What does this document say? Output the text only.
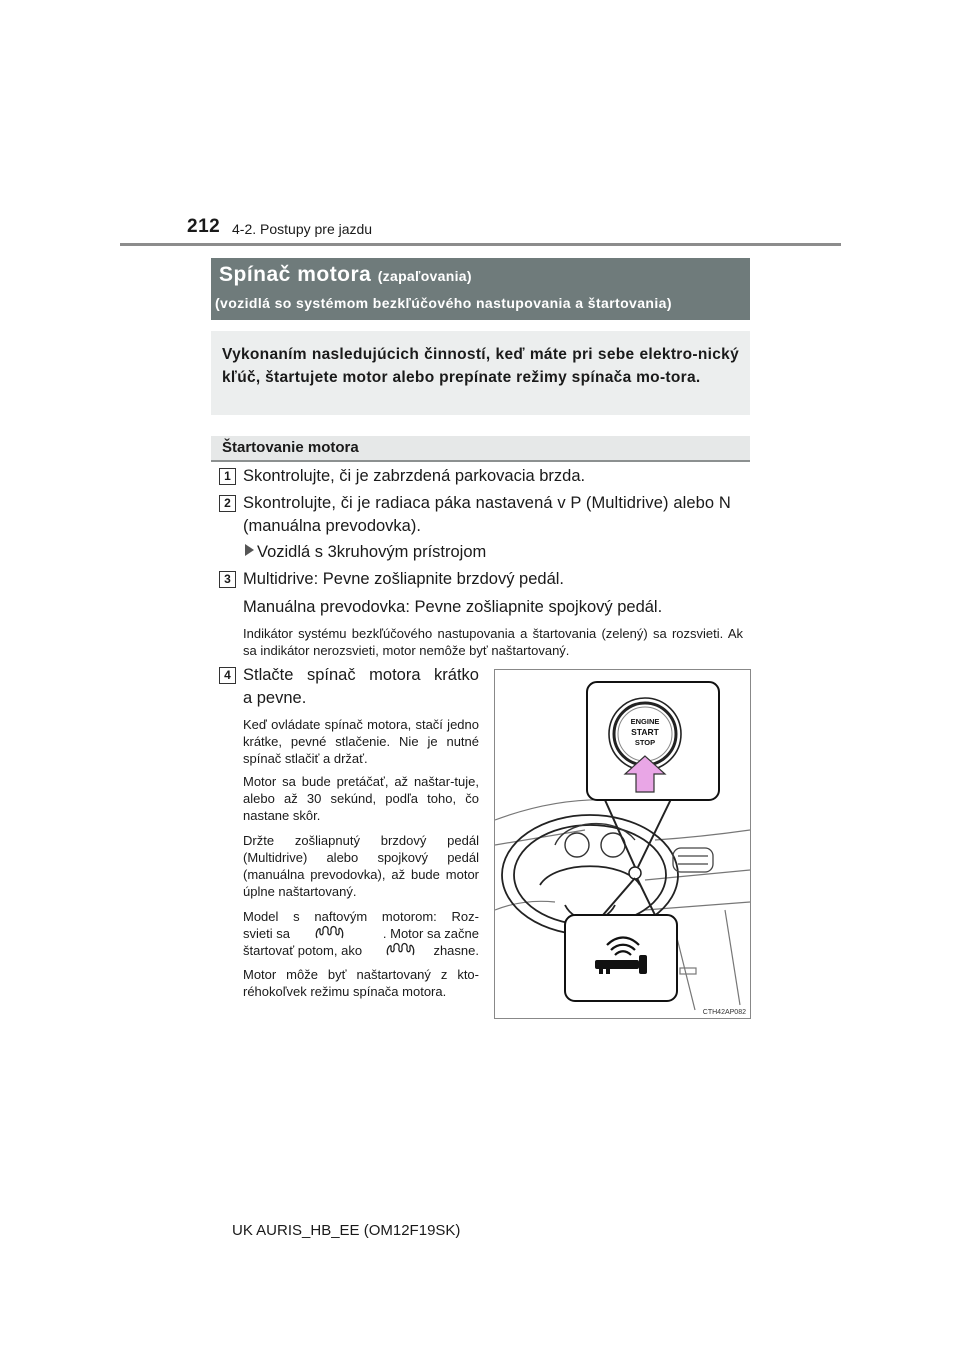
212 4-2. Postupy pre jazdu
Spínač motora (zapaľovania)
(vozidlá so systémom bezkľúčového nastupovania a štartovania)
Vykonaním nasledujúcich činností, keď máte pri sebe elektro-nický kľúč, štartujete motor alebo prepínate režimy spínača mo-tora.
Štartovanie motora
1 Skontrolujte, či je zabrzdená parkovacia brzda.
2 Skontrolujte, či je radiaca páka nastavená v P (Multidrive) alebo N
(manuálna prevodovka).
Vozidlá s 3kruhovým prístrojom
3 Multidrive: Pevne zošliapnite brzdový pedál.
Manuálna prevodovka: Pevne zošliapnite spojkový pedál.
Indikátor systému bezkľúčového nastupovania a štartovania (zelený) sa rozsvieti. Ak sa indikátor nerozsvieti, motor nemôže byť naštartovaný.
4 Stlačte spínač motora krátko
a pevne.
Keď ovládate spínač motora, stačí jedno krátke, pevné stlačenie. Nie je nutné spínač stlačiť a držať.
Motor sa bude pretáčať, až naštar-tuje, alebo až 30 sekúnd, podľa toho, čo nastane skôr.
Držte zošliapnutý brzdový pedál (Multidrive) alebo spojkový pedál (manuálna prevodovka), až bude motor úplne naštartovaný.
Model s naftovým motorom: Roz-
svieti sa	. Motor sa začne
štartovať potom, ako	zhasne.
Motor môže byť naštartovaný z kto-réhokoľvek režimu spínača motora.
ENGINE
START
STOP
CTH42AP082
UK AURIS_HB_EE (OM12F19SK)
